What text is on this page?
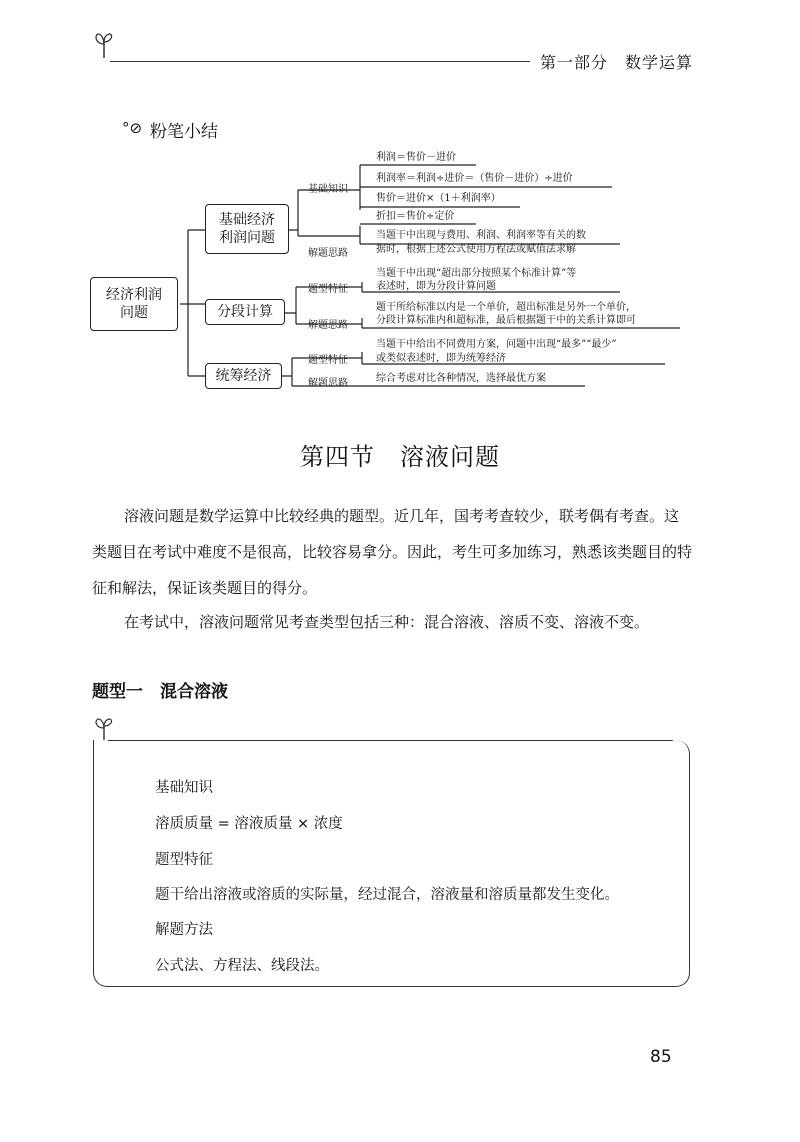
第一部分　数学运算
°⊘ 粉笔小结
经济利润
问题
基础经济
利润问题
分段计算
统筹经济
基础知识
利润＝售价－进价
利润率＝利润÷进价＝（售价－进价）÷进价
售价＝进价×（1＋利润率）
折扣＝售价÷定价
解题思路
当题干中出现与费用、利润、利润率等有关的数
据时，根据上述公式使用方程法或赋值法求解
题型特征
当题干中出现“超出部分按照某个标准计算”等
表述时，即为分段计算问题
解题思路
题干所给标准以内是一个单价，超出标准是另外一个单价，
分段计算标准内和超标准，最后根据题干中的关系计算即可
题型特征
当题干中给出不同费用方案，问题中出现“最多”“最少”
或类似表述时，即为统筹经济
解题思路	综合考虑对比各种情况，选择最优方案
第四节　溶液问题
溶液问题是数学运算中比较经典的题型。近几年，国考考查较少，联考偶有考查。这类题目在考试中难度不是很高，比较容易拿分。因此，考生可多加练习，熟悉该类题目的特征和解法，保证该类题目的得分。
在考试中，溶液问题常见考查类型包括三种：混合溶液、溶质不变、溶液不变。
题型一　混合溶液
基础知识
溶质质量 = 溶液质量 × 浓度
题型特征
题干给出溶液或溶质的实际量，经过混合，溶液量和溶质量都发生变化。
解题方法
公式法、方程法、线段法。
85
